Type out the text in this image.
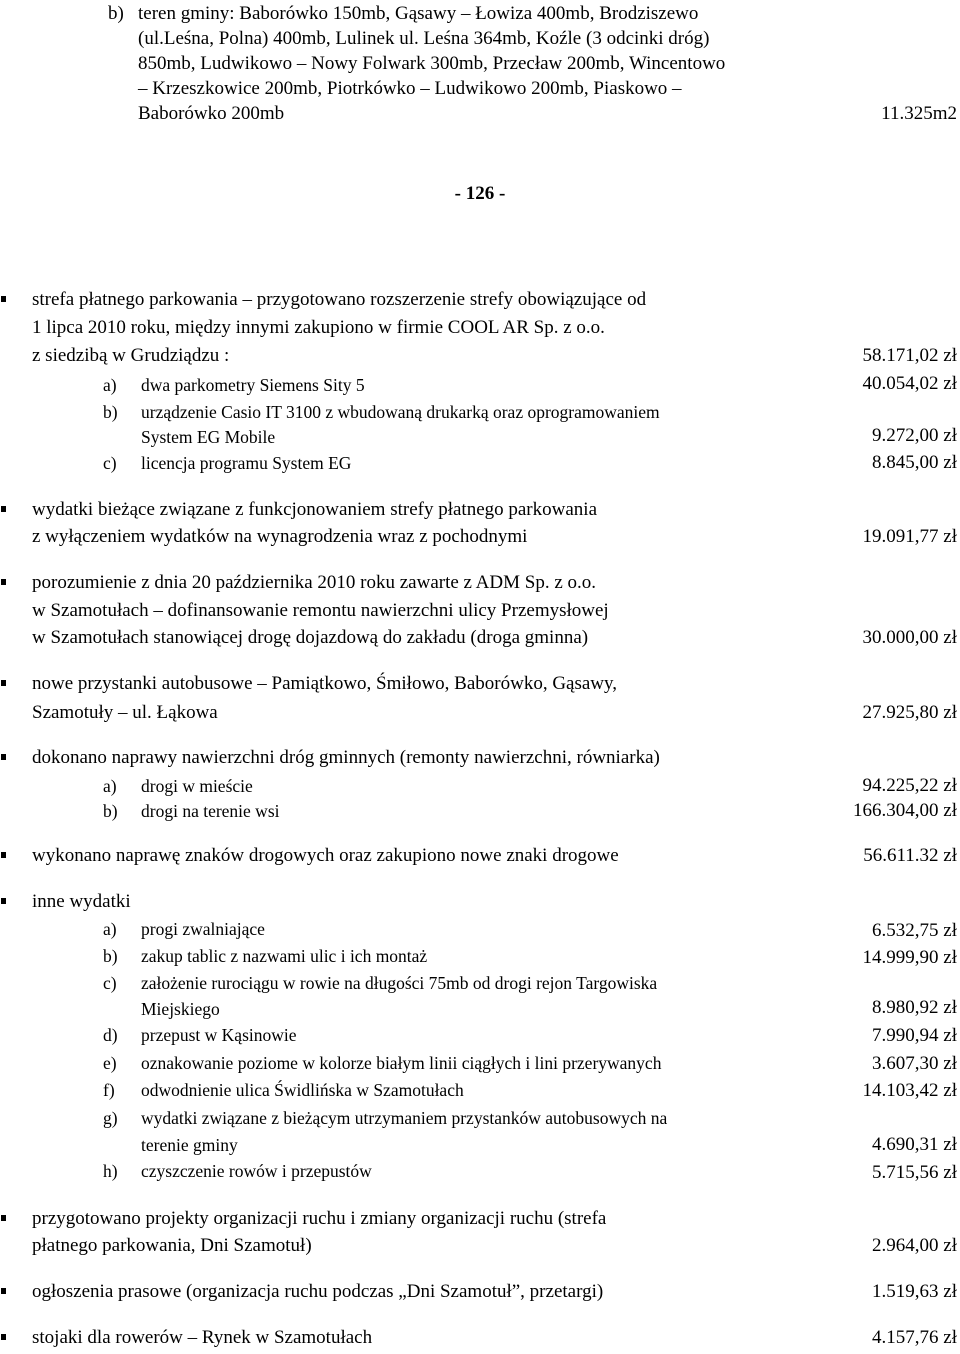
b) teren gminy: Baborówko 150mb, Gąsawy – Łowiza 400mb, Brodziszewo
(ul.Leśna, Polna) 400mb, Lulinek ul. Leśna 364mb, Koźle (3 odcinki dróg)
850mb, Ludwikowo – Nowy Folwark 300mb, Przecław 200mb, Wincentowo
– Krzeszkowice 200mb, Piotrkówko – Ludwikowo 200mb, Piaskowo –
Baborówko 200mb	11.325m2
- 126 -
strefa płatnego parkowania – przygotowano rozszerzenie strefy obowiązujące od
1 lipca 2010 roku, między innymi zakupiono w firmie COOL AR Sp. z o.o.
z siedzibą w Grudziądzu :	58.171,02 zł
a) dwa parkometry Siemens Sity 5	40.054,02 zł
b) urządzenie Casio IT 3100 z wbudowaną drukarką oraz oprogramowaniem
System EG Mobile	9.272,00 zł
c) licencja programu System EG	8.845,00 zł
wydatki bieżące związane z funkcjonowaniem strefy płatnego parkowania
z wyłączeniem wydatków na wynagrodzenia wraz z pochodnymi	19.091,77 zł
porozumienie z dnia 20 października 2010 roku zawarte z ADM Sp. z o.o.
w Szamotułach – dofinansowanie remontu nawierzchni ulicy Przemysłowej
w Szamotułach stanowiącej drogę dojazdową do zakładu (droga gminna)	30.000,00 zł
nowe przystanki autobusowe – Pamiątkowo, Śmiłowo, Baborówko, Gąsawy,
Szamotuły – ul. Łąkowa	27.925,80 zł
dokonano naprawy nawierzchni dróg gminnych (remonty nawierzchni, równiarka)
a) drogi w mieście	94.225,22 zł
b) drogi na terenie wsi	166.304,00 zł
wykonano naprawę znaków drogowych oraz zakupiono nowe znaki drogowe	56.611.32 zł
inne wydatki
a) progi zwalniające	6.532,75 zł
b) zakup tablic z nazwami ulic i ich montaż	14.999,90 zł
c) założenie rurociągu w rowie na długości 75mb od drogi rejon Targowiska
Miejskiego	8.980,92 zł
d) przepust w Kąsinowie	7.990,94 zł
e) oznakowanie poziome w kolorze białym linii ciągłych i lini przerywanych	3.607,30 zł
f) odwodnienie ulica Świdlińska w Szamotułach	14.103,42 zł
g) wydatki związane z bieżącym utrzymaniem przystanków autobusowych na
terenie gminy	4.690,31 zł
h) czyszczenie rowów i przepustów	5.715,56 zł
przygotowano projekty organizacji ruchu i zmiany organizacji ruchu (strefa
płatnego parkowania, Dni Szamotuł)	2.964,00 zł
ogłoszenia prasowe (organizacja ruchu podczas „Dni Szamotuł”, przetargi)	1.519,63 zł
stojaki dla rowerów – Rynek w Szamotułach	4.157,76 zł
